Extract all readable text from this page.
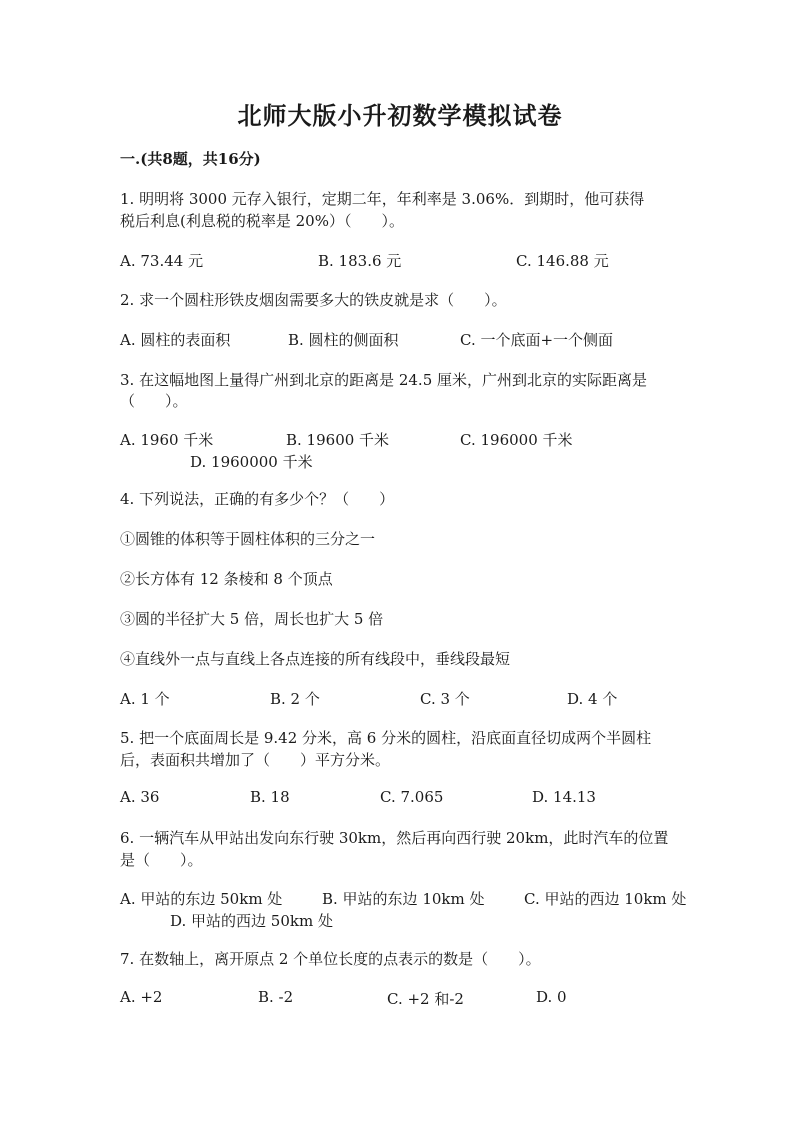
北师大版小升初数学模拟试卷
一.(共8题，共16分)
1. 明明将 3000 元存入银行，定期二年，年利率是 3.06%．到期时，他可获得
税后利息(利息税的税率是 20%）（　　）。
A. 73.44 元	B. 183.6 元	C. 146.88 元
2. 求一个圆柱形铁皮烟囱需要多大的铁皮就是求（　　）。
A. 圆柱的表面积	B. 圆柱的侧面积	C. 一个底面+一个侧面
3. 在这幅地图上量得广州到北京的距离是 24.5 厘米，广州到北京的实际距离是
（　　）。
A. 1960 千米	B. 19600 千米	C. 196000 千米
D. 1960000 千米
4. 下列说法，正确的有多少个？（　　）
①圆锥的体积等于圆柱体积的三分之一
②长方体有 12 条棱和 8 个顶点
③圆的半径扩大 5 倍，周长也扩大 5 倍
④直线外一点与直线上各点连接的所有线段中，垂线段最短
A. 1 个	B. 2 个	C. 3 个	D. 4 个
5. 把一个底面周长是 9.42 分米，高 6 分米的圆柱，沿底面直径切成两个半圆柱
后，表面积共增加了（　　）平方分米。
A. 36	B. 18	C. 7.065	D. 14.13
6. 一辆汽车从甲站出发向东行驶 30km，然后再向西行驶 20km，此时汽车的位置
是（　　）。
A. 甲站的东边 50km 处	B. 甲站的东边 10km 处	C. 甲站的西边 10km 处
D. 甲站的西边 50km 处
7. 在数轴上，离开原点 2 个单位长度的点表示的数是（　　）。
A. +2	B. -2	C. +2 和-2	D. 0
